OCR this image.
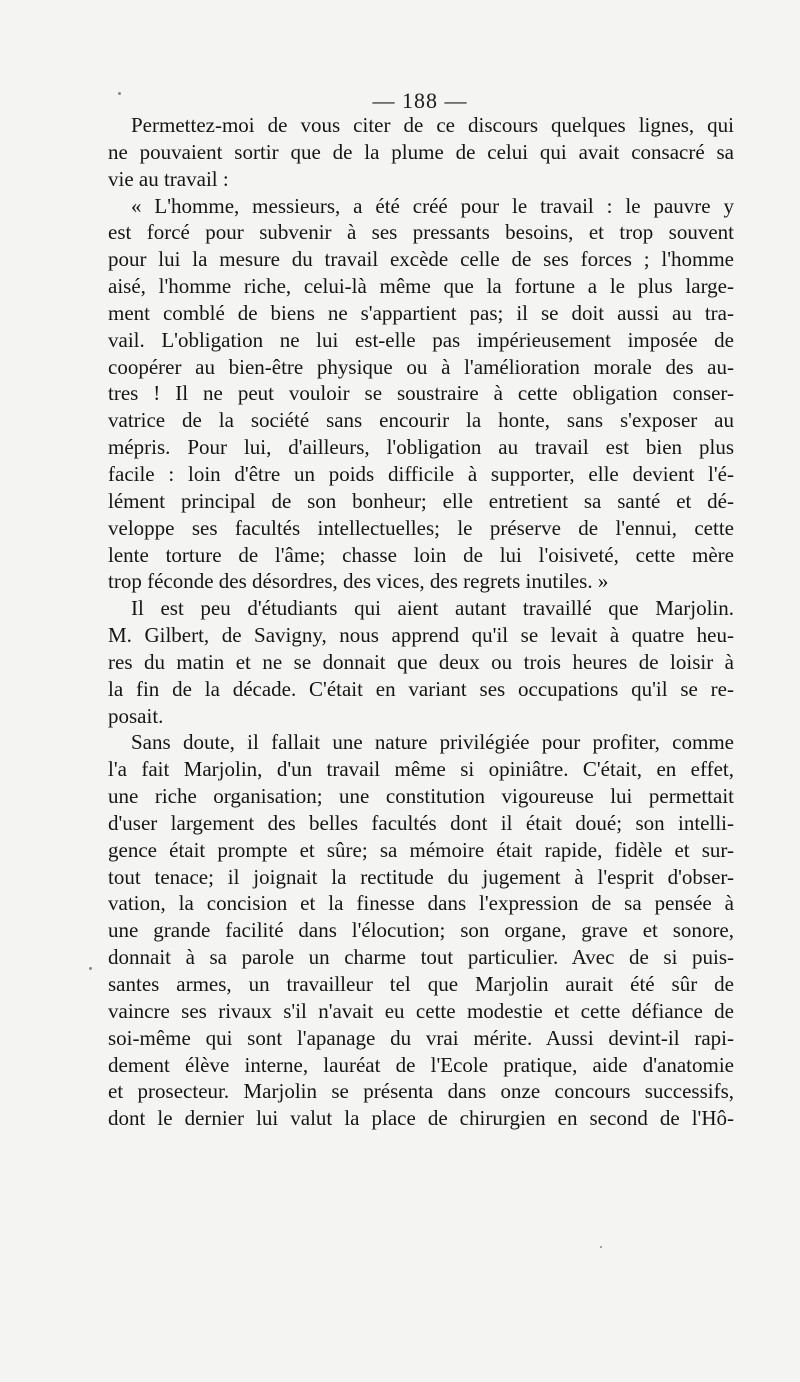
— 188 —
Permettez-moi de vous citer de ce discours quelques lignes, qui
ne pouvaient sortir que de la plume de celui qui avait consacré sa
vie au travail :
« L'homme, messieurs, a été créé pour le travail : le pauvre y
est forcé pour subvenir à ses pressants besoins, et trop souvent
pour lui la mesure du travail excède celle de ses forces ; l'homme
aisé, l'homme riche, celui-là même que la fortune a le plus large-
ment comblé de biens ne s'appartient pas; il se doit aussi au tra-
vail. L'obligation ne lui est-elle pas impérieusement imposée de
coopérer au bien-être physique ou à l'amélioration morale des au-
tres ! Il ne peut vouloir se soustraire à cette obligation conser-
vatrice de la société sans encourir la honte, sans s'exposer au
mépris. Pour lui, d'ailleurs, l'obligation au travail est bien plus
facile : loin d'être un poids difficile à supporter, elle devient l'é-
lément principal de son bonheur; elle entretient sa santé et dé-
veloppe ses facultés intellectuelles; le préserve de l'ennui, cette
lente torture de l'âme; chasse loin de lui l'oisiveté, cette mère
trop féconde des désordres, des vices, des regrets inutiles. »
Il est peu d'étudiants qui aient autant travaillé que Marjolin.
M. Gilbert, de Savigny, nous apprend qu'il se levait à quatre heu-
res du matin et ne se donnait que deux ou trois heures de loisir à
la fin de la décade. C'était en variant ses occupations qu'il se re-
posait.
Sans doute, il fallait une nature privilégiée pour profiter, comme
l'a fait Marjolin, d'un travail même si opiniâtre. C'était, en effet,
une riche organisation; une constitution vigoureuse lui permettait
d'user largement des belles facultés dont il était doué; son intelli-
gence était prompte et sûre; sa mémoire était rapide, fidèle et sur-
tout tenace; il joignait la rectitude du jugement à l'esprit d'obser-
vation, la concision et la finesse dans l'expression de sa pensée à
une grande facilité dans l'élocution; son organe, grave et sonore,
donnait à sa parole un charme tout particulier. Avec de si puis-
santes armes, un travailleur tel que Marjolin aurait été sûr de
vaincre ses rivaux s'il n'avait eu cette modestie et cette défiance de
soi-même qui sont l'apanage du vrai mérite. Aussi devint-il rapi-
dement élève interne, lauréat de l'Ecole pratique, aide d'anatomie
et prosecteur. Marjolin se présenta dans onze concours successifs,
dont le dernier lui valut la place de chirurgien en second de l'Hô-
